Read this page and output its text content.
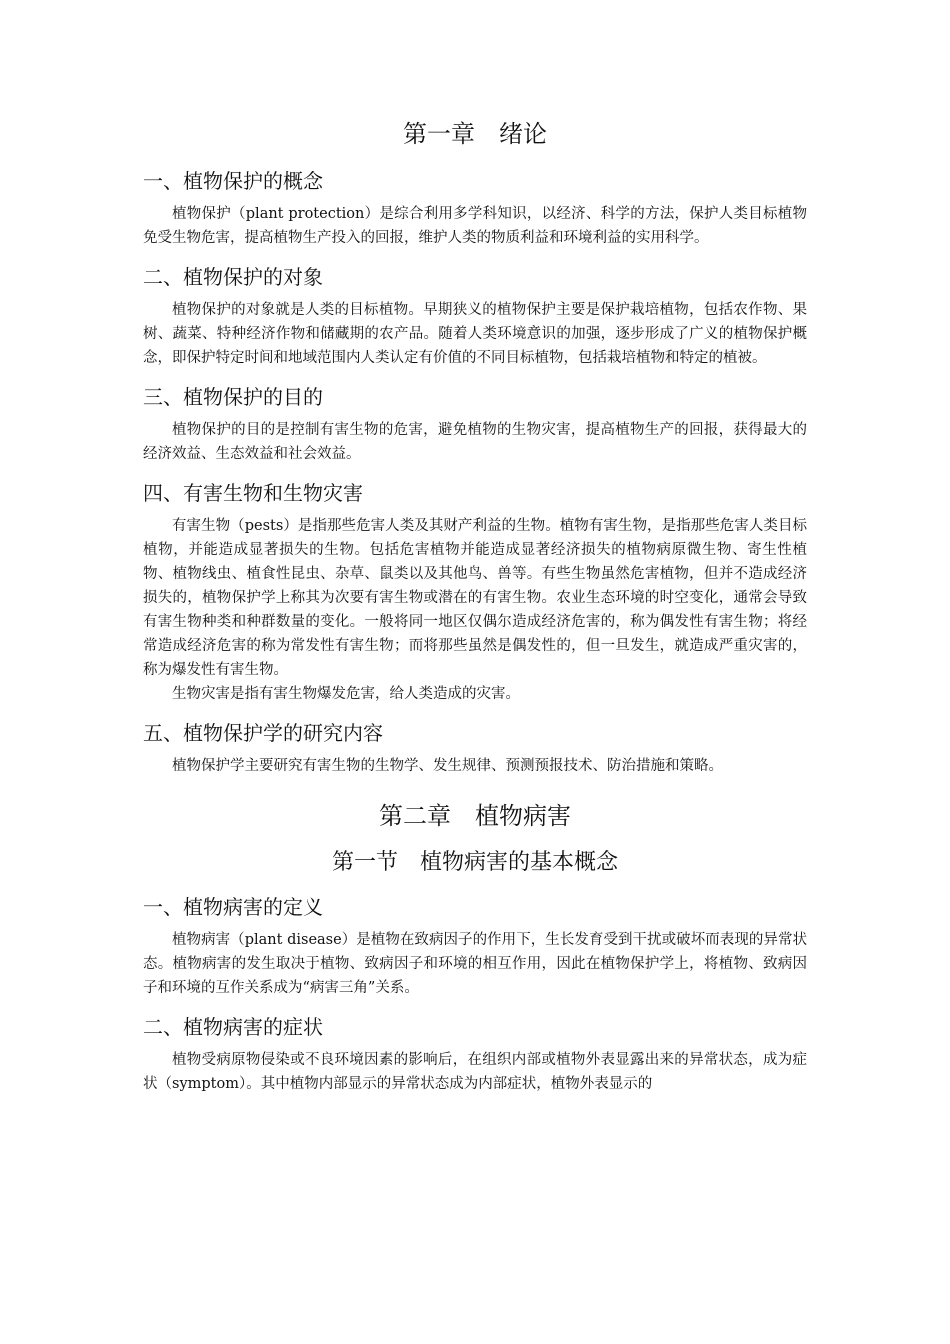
第一章　绪论
一、植物保护的概念

植物保护（plant protection）是综合利用多学科知识，以经济、科学的方法，保护人类目标植物免受生物危害，提高植物生产投入的回报，维护人类的物质利益和环境利益的实用科学。

二、植物保护的对象

植物保护的对象就是人类的目标植物。早期狭义的植物保护主要是保护栽培植物，包括农作物、果树、蔬菜、特种经济作物和储藏期的农产品。随着人类环境意识的加强，逐步形成了广义的植物保护概念，即保护特定时间和地域范围内人类认定有价值的不同目标植物，包括栽培植物和特定的植被。

三、植物保护的目的

植物保护的目的是控制有害生物的危害，避免植物的生物灾害，提高植物生产的回报，获得最大的经济效益、生态效益和社会效益。

四、有害生物和生物灾害

有害生物（pests）是指那些危害人类及其财产利益的生物。植物有害生物，是指那些危害人类目标植物，并能造成显著损失的生物。包括危害植物并能造成显著经济损失的植物病原微生物、寄生性植物、植物线虫、植食性昆虫、杂草、鼠类以及其他鸟、兽等。有些生物虽然危害植物，但并不造成经济损失的，植物保护学上称其为次要有害生物或潜在的有害生物。农业生态环境的时空变化，通常会导致有害生物种类和种群数量的变化。一般将同一地区仅偶尔造成经济危害的，称为偶发性有害生物；将经常造成经济危害的称为常发性有害生物；而将那些虽然是偶发性的，但一旦发生，就造成严重灾害的，称为爆发性有害生物。

生物灾害是指有害生物爆发危害，给人类造成的灾害。

五、植物保护学的研究内容

植物保护学主要研究有害生物的生物学、发生规律、预测预报技术、防治措施和策略。

第二章　植物病害
第一节　植物病害的基本概念
一、植物病害的定义

植物病害（plant disease）是植物在致病因子的作用下，生长发育受到干扰或破坏而表现的异常状态。植物病害的发生取决于植物、致病因子和环境的相互作用，因此在植物保护学上，将植物、致病因子和环境的互作关系成为“病害三角”关系。

二、植物病害的症状

植物受病原物侵染或不良环境因素的影响后，在组织内部或植物外表显露出来的异常状态，成为症状（symptom）。其中植物内部显示的异常状态成为内部症状，植物外表显示的
